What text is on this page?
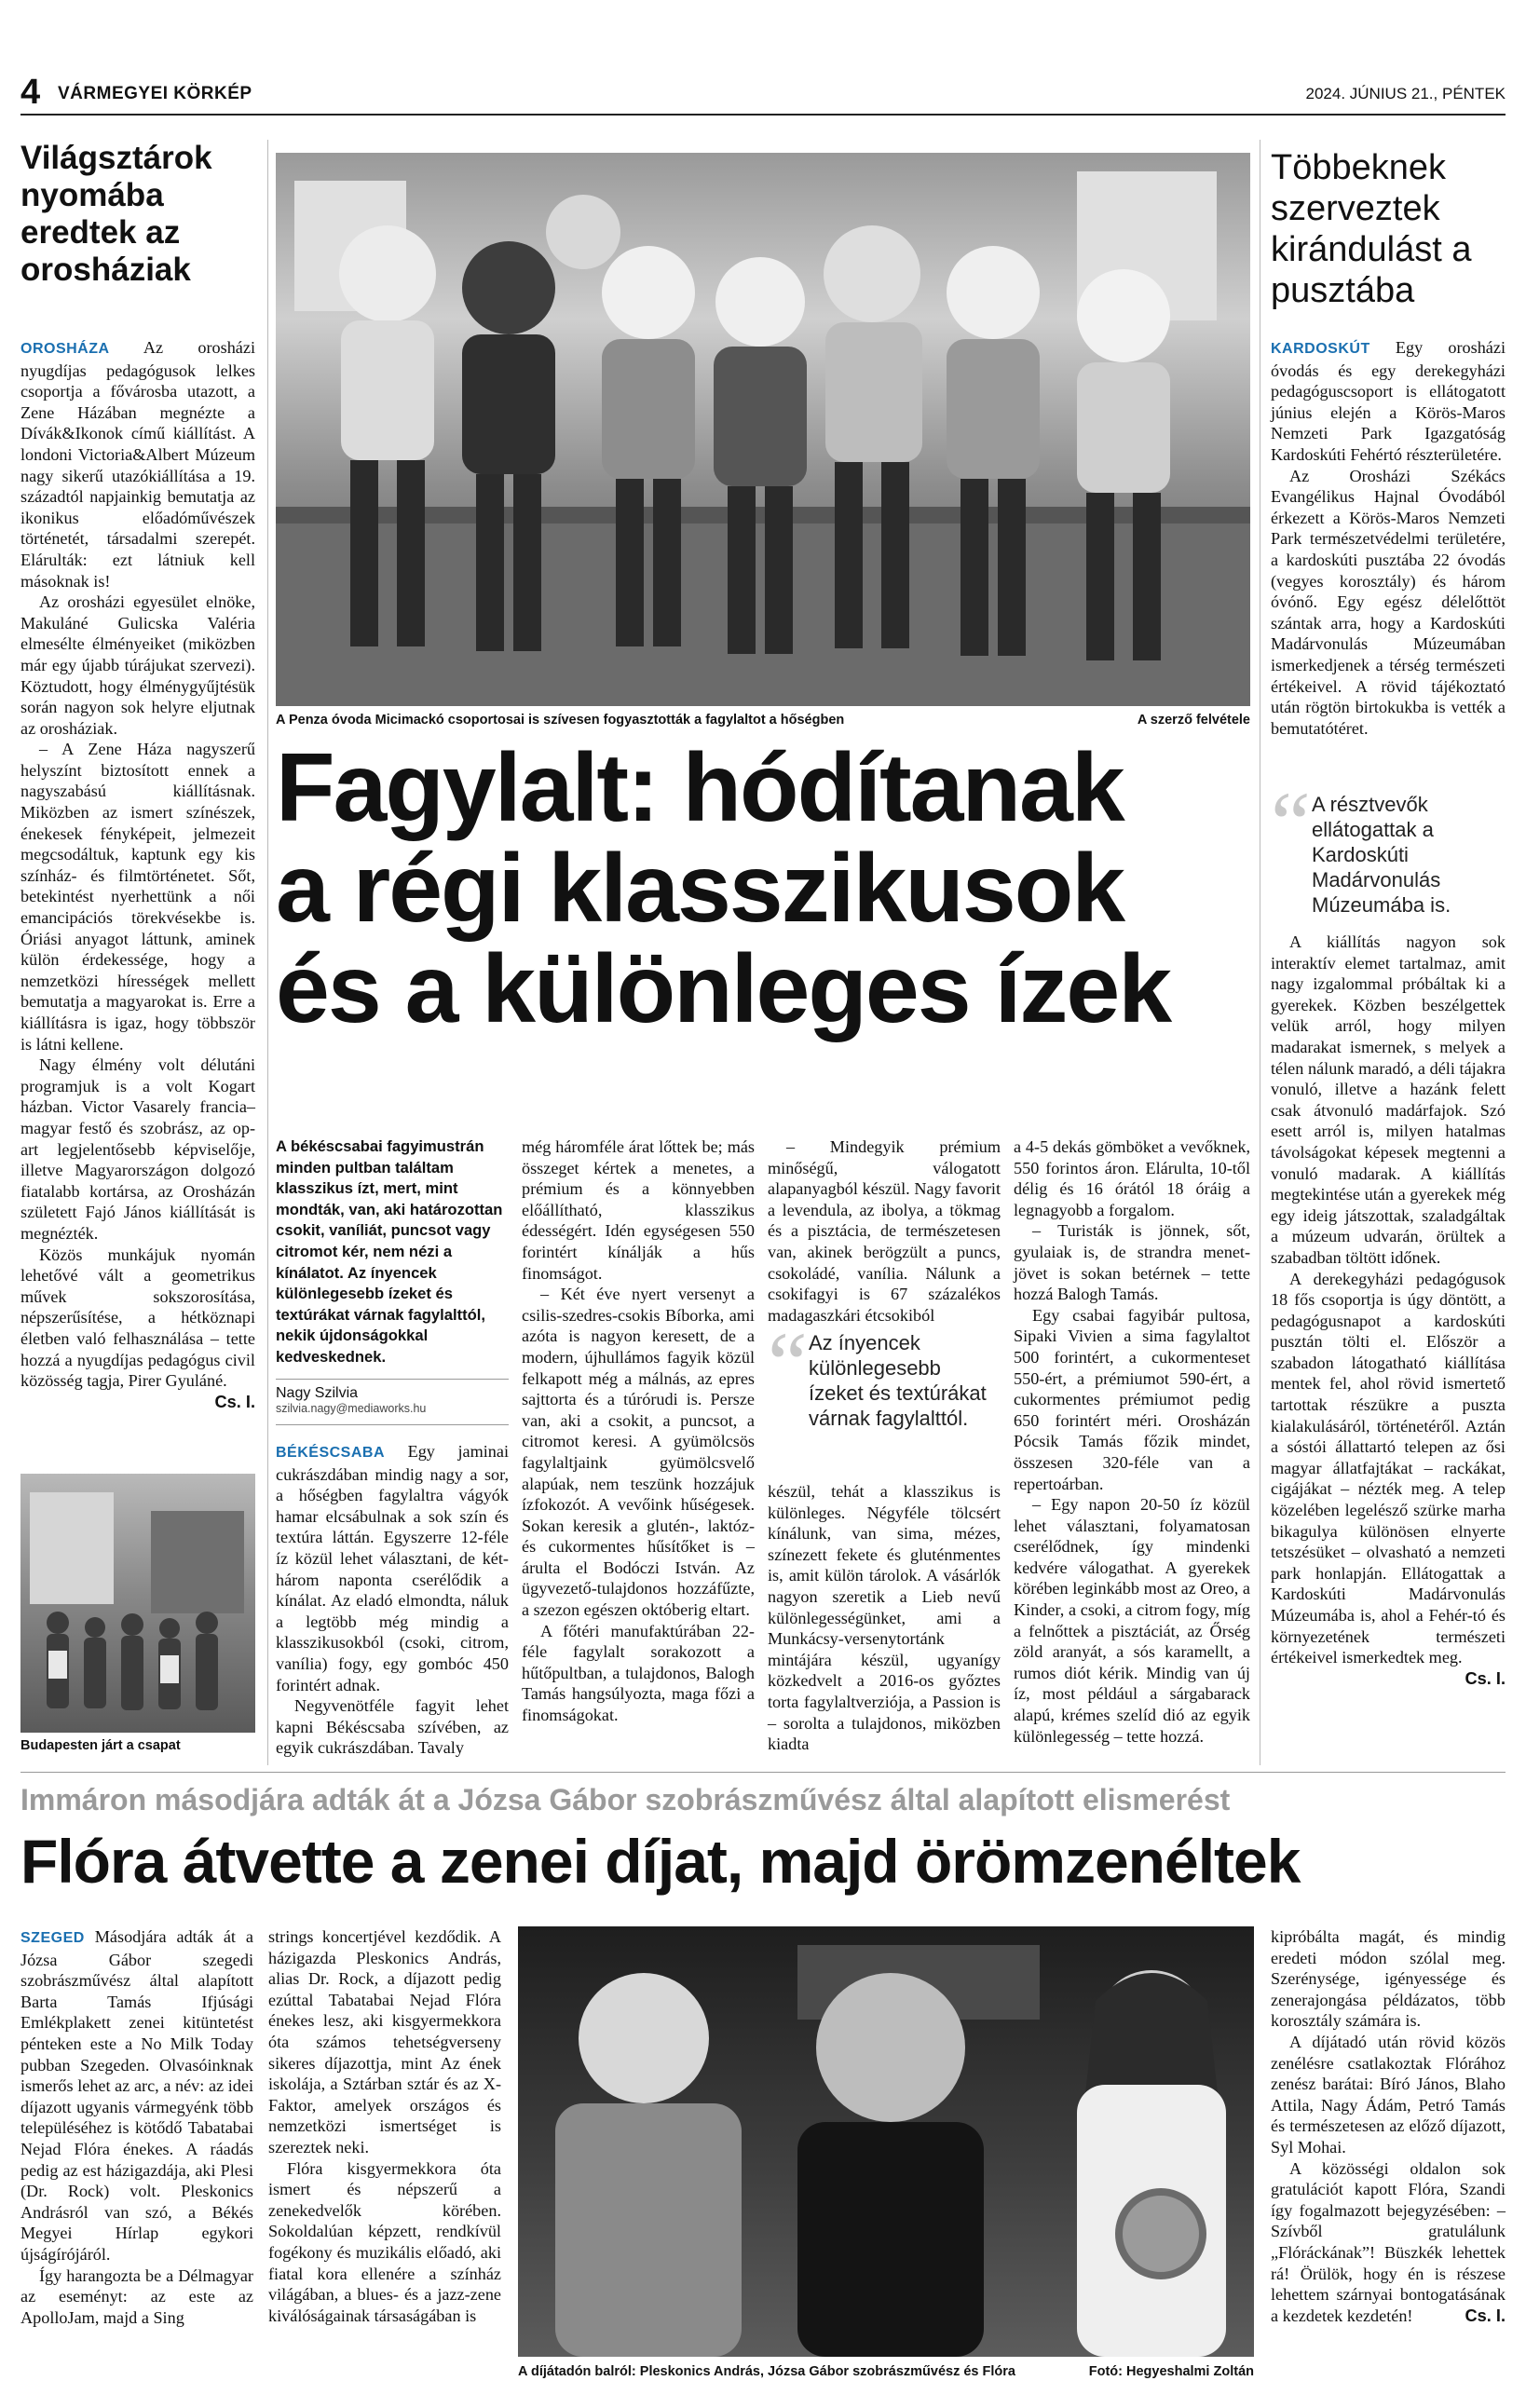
4 VÁRMEGYEI KÖRKÉP	2024. JÚNIUS 21., PÉNTEK
Világsztárok nyomába eredtek az orosháziak

OROSHÁZA Az orosházi nyugdíjas pedagógusok lelkes csoportja a fővárosba utazott, a Zene Házában megnézte a Dívák&Ikonok című kiállítást. A londoni Victoria&Albert Múzeum nagy sikerű utazókiállítása a 19. századtól napjainkig bemutatja az ikonikus előadóművészek történetét, társadalmi szerepét. Elárulták: ezt látniuk kell másoknak is!

Az orosházi egyesület elnöke, Makuláné Gulicska Valéria elmesélte élményeiket (miközben már egy újabb túrájukat szervezi). Köztudott, hogy élménygyűjtésük során nagyon sok helyre eljutnak az orosháziak.

– A Zene Háza nagyszerű helyszínt biztosított ennek a nagyszabású kiállításnak. Miközben az ismert színészek, énekesek fényképeit, jelmezeit megcsodáltuk, kaptunk egy kis színház- és filmtörténetet. Sőt, betekintést nyerhettünk a női emancipációs törekvésekbe is. Óriási anyagot láttunk, aminek külön érdekessége, hogy a nemzetközi hírességek mellett bemutatja a magyarokat is. Erre a kiállításra is igaz, hogy többször is látni kellene.

Nagy élmény volt délutáni programjuk is a volt Kogart házban. Victor Vasarely francia–magyar festő és szobrász, az op-art legjelentősebb képviselője, illetve Magyarországon dolgozó fiatalabb kortársa, az Orosházán született Fajó János kiállítását is megnézték.

Közös munkájuk nyomán lehetővé vált a geometrikus művek sokszorosítása, népszerűsítése, a hétköznapi életben való felhasználása – tette hozzá a nyugdíjas pedagógus civil közösség tagja, Pirer Gyuláné.
Cs. I.

Budapesten járt a csapat
A Penza óvoda Micimackó csoportosai is szívesen fogyasztották a fagylaltot a hőségben	A szerző felvétele
Fagylalt: hódítanak
a régi klasszikusok
és a különleges ízek
A békéscsabai fagyimustrán minden pultban találtam klasszikus ízt, mert, mint mondták, van, aki határozottan csokit, vaníliát, puncsot vagy citromot kér, nem nézi a kínálatot. Az ínyencek különlegesebb ízeket és textúrákat várnak fagylalttól, nekik újdonságokkal kedveskednek.
Nagy Szilvia
szilvia.nagy@mediaworks.hu

BÉKÉSCSABA Egy jaminai cukrászdában mindig nagy a sor, a hőségben fagylaltra vágyók hamar elcsábulnak a sok szín és textúra láttán. Egyszerre 12-féle íz közül lehet választani, de két-három naponta cserélődik a kínálat. Az eladó elmondta, náluk a legtöbb még mindig a klasszikusokból (csoki, citrom, vanília) fogy, egy gombóc 450 forintért adnak.

Negyvenötféle fagyit lehet kapni Békéscsaba szívében, az egyik cukrászdában. Tavaly

még háromféle árat lőttek be; más összeget kértek a menetes, a prémium és a könnyebben előállítható, klasszikus édességért. Idén egységesen 550 forintért kínálják a hűs finomságot.

– Két éve nyert versenyt a csilis-szedres-csokis Bíborka, ami azóta is nagyon keresett, de a modern, újhullámos fagyik közül felkapott még a málnás, az epres sajttorta és a túrórudi is. Persze van, aki a csokit, a puncsot, a citromot keresi. A gyümölcsös fagylaltjaink gyümölcsvelő alapúak, nem teszünk hozzájuk ízfokozót. A vevőink hűségesek. Sokan keresik a glutén-, laktóz- és cukormentes hűsítőket is – árulta el Bodóczi István. Az ügyvezető-tulajdonos hozzáfűzte, a szezon egészen októberig eltart.

A főtéri manufaktúrában 22-féle fagylalt sorakozott a hűtőpultban, a tulajdonos, Balogh Tamás hangsúlyozta, maga főzi a finomságokat.

– Mindegyik prémium minőségű, válogatott alapanyagból készül. Nagy favorit a levendula, az ibolya, a tökmag és a pisztácia, de természetesen van, akinek berögzült a puncs, csokoládé, vanília. Nálunk a csokifagyi is 67 százalékos madagaszkári étcsokiból

“ Az ínyencek különlegesebb ízeket és textúrákat várnak fagylalttól.

készül, tehát a klasszikus is különleges. Négyféle tölcsért kínálunk, van sima, mézes, színezett fekete és gluténmentes is, amit külön tárolok. A vásárlók nagyon szeretik a Lieb nevű különlegességünket, ami a Munkácsy-versenytortánk mintájára készül, ugyanígy közkedvelt a 2016-os győztes torta fagylaltverziója, a Passion is – sorolta a tulajdonos, miközben kiadta

a 4-5 dekás gömböket a vevőknek, 550 forintos áron. Elárulta, 10-től délig és 16 órától 18 óráig a legnagyobb a forgalom.

– Turisták is jönnek, sőt, gyulaiak is, de strandra menet-jövet is sokan betérnek – tette hozzá Balogh Tamás.

Egy csabai fagyibár pultosa, Sipaki Vivien a sima fagylaltot 500 forintért, a cukormenteset 550-ért, a prémiumot 590-ért, a cukormentes prémiumot pedig 650 forintért méri. Orosházán Pócsik Tamás főzik mindet, összesen 320-féle van a repertoárban.

– Egy napon 20-50 íz közül lehet választani, folyamatosan cserélődnek, így mindenki kedvére válogathat. A gyerekek körében leginkább most az Oreo, a Kinder, a csoki, a citrom fogy, míg a felnőttek a pisztáciát, az Őrség zöld aranyát, a sós karamellt, a rumos diót kérik. Mindig van új íz, most például a sárgabarack alapú, krémes szelíd dió az egyik különlegesség – tette hozzá.

Többeknek szerveztek kirándulást a pusztába

KARDOSKÚT Egy orosházi óvodás és egy derekegyházi pedagóguscsoport is ellátogatott június elején a Körös-Maros Nemzeti Park Igazgatóság Kardoskúti Fehértó részterületére.

Az Orosházi Székács Evangélikus Hajnal Óvodából érkezett a Körös-Maros Nemzeti Park természetvédelmi területére, a kardoskúti pusztába 22 óvodás (vegyes korosztály) és három óvónő. Egy egész délelőttöt szántak arra, hogy a Kardoskúti Madárvonulás Múzeumában ismerkedjenek a térség természeti értékeivel. A rövid tájékoztató után rögtön birtokukba is vették a bemutatótéret.

“ A résztvevők ellátogattak a Kardoskúti Madárvonulás Múzeumába is.

A kiállítás nagyon sok interaktív elemet tartalmaz, amit nagy izgalommal próbáltak ki a gyerekek. Közben beszélgettek velük arról, hogy milyen madarakat ismernek, s melyek a télen nálunk maradó, a déli tájakra vonuló, illetve a hazánk felett csak átvonuló madárfajok. Szó esett arról is, milyen hatalmas távolságokat képesek megtenni a vonuló madarak. A kiállítás megtekintése után a gyerekek még egy ideig játszottak, szaladgáltak a múzeum udvarán, örültek a szabadban töltött időnek.

A derekegyházi pedagógusok 18 fős csoportja is úgy döntött, a pedagógusnapot a kardoskúti pusztán tölti el. Először a szabadon látogatható kiállítása mentek fel, ahol rövid ismertető tartottak részükre a puszta kialakulásáról, történetéről. Aztán a sóstói állattartó telepen az ősi magyar állatfajtákat – rackákat, cigájákat – nézték meg. A telep közelében legelésző szürke marha bikagulya különösen elnyerte tetszésüket – olvasható a nemzeti park honlapján. Ellátogattak a Kardoskúti Madárvonulás Múzeumába is, ahol a Fehér-tó és környezetének természeti értékeivel ismerkedtek meg.
Cs. I.

Immáron másodjára adták át a Józsa Gábor szobrászművész által alapított elismerést
Flóra átvette a zenei díjat, majd örömzenéltek

SZEGED Másodjára adták át a Józsa Gábor szegedi szobrászművész által alapított Barta Tamás Ifjúsági Emlékplakett zenei kitüntetést pénteken este a No Milk Today pubban Szegeden. Olvasóinknak ismerős lehet az arc, a név: az idei díjazott ugyanis vármegyénk több településéhez is kötődő Tabatabai Nejad Flóra énekes. A ráadás pedig az est házigazdája, aki Plesi (Dr. Rock) volt. Pleskonics Andrásról van szó, a Békés Megyei Hírlap egykori újságírójáról.

Így harangozta be a Délmagyar az eseményt: az este az ApolloJam, majd a Sing

strings koncertjével kezdődik. A házigazda Pleskonics András, alias Dr. Rock, a díjazott pedig ezúttal Tabatabai Nejad Flóra énekes lesz, aki kisgyermekkora óta számos tehetségverseny sikeres díjazottja, mint Az ének iskolája, a Sztárban sztár és az X-Faktor, amelyek országos és nemzetközi ismertséget is szereztek neki.

Flóra kisgyermekkora óta ismert és népszerű a zenekedvelők körében. Sokoldalúan képzett, rendkívül fogékony és muzikális előadó, aki fiatal kora ellenére a színház világában, a blues- és a jazz-zene kiválóságainak társaságában is

A díjátadón balról: Pleskonics András, Józsa Gábor szobrászművész és Flóra	Fotó: Hegyeshalmi Zoltán

kipróbálta magát, és mindig eredeti módon szólal meg. Szerénysége, igényessége és zenerajongása példázatos, több korosztály számára is.

A díjátadó után rövid közös zenélésre csatlakoztak Flórához zenész barátai: Bíró János, Blaho Attila, Nagy Ádám, Petró Tamás és természetesen az előző díjazott, Syl Mohai.

A közösségi oldalon sok gratulációt kapott Flóra, Szandi így fogalmazott bejegyzésében: – Szívből gratulálunk „Flóráckának”! Büszkék lehettek rá! Örülök, hogy én is részese lehettem szárnyai bontogatásának a kezdetek kezdetén!	Cs. I.
